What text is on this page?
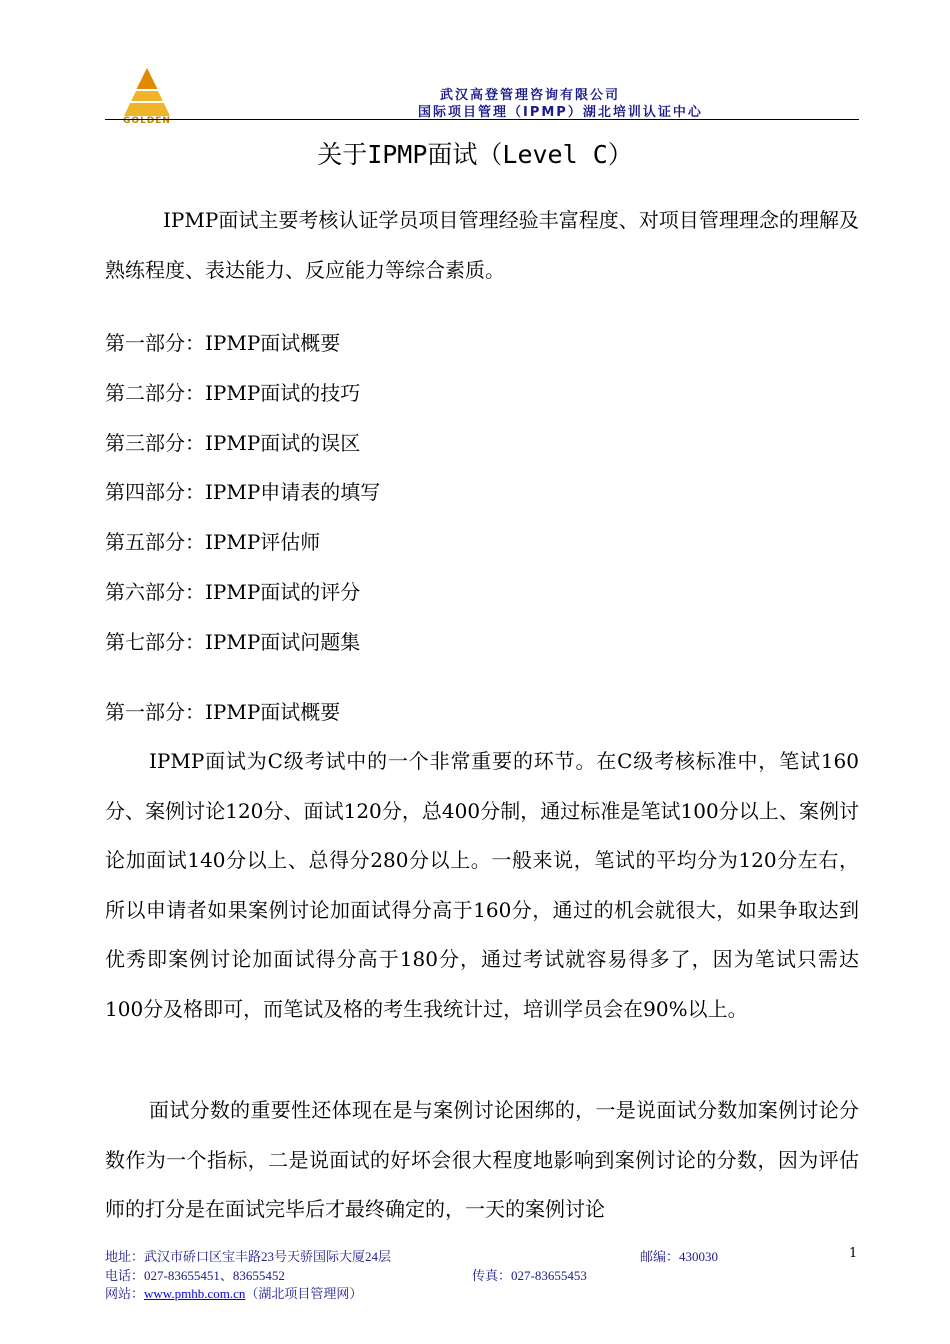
GOLDEN
武汉高登管理咨询有限公司
国际项目管理（IPMP）湖北培训认证中心
关于IPMP面试（Level C）

IPMP面试主要考核认证学员项目管理经验丰富程度、对项目管理理念的理解及熟练程度、表达能力、反应能力等综合素质。

第一部分：IPMP面试概要
第二部分：IPMP面试的技巧
第三部分：IPMP面试的误区
第四部分：IPMP申请表的填写
第五部分：IPMP评估师
第六部分：IPMP面试的评分
第七部分：IPMP面试问题集
第一部分：IPMP面试概要

IPMP面试为C级考试中的一个非常重要的环节。在C级考核标准中，笔试160分、案例讨论120分、面试120分，总400分制，通过标准是笔试100分以上、案例讨论加面试140分以上、总得分280分以上。一般来说，笔试的平均分为120分左右，所以申请者如果案例讨论加面试得分高于160分，通过的机会就很大，如果争取达到优秀即案例讨论加面试得分高于180分，通过考试就容易得多了，因为笔试只需达100分及格即可，而笔试及格的考生我统计过，培训学员会在90%以上。

面试分数的重要性还体现在是与案例讨论困绑的，一是说面试分数加案例讨论分数作为一个指标，二是说面试的好坏会很大程度地影响到案例讨论的分数，因为评估师的打分是在面试完毕后才最终确定的，一天的案例讨论

地址：武汉市硚口区宝丰路23号天骄国际大厦24层	邮编：430030	1
电话：027-83655451、83655452	传真：027-83655453
网站：www.pmhb.com.cn（湖北项目管理网）
